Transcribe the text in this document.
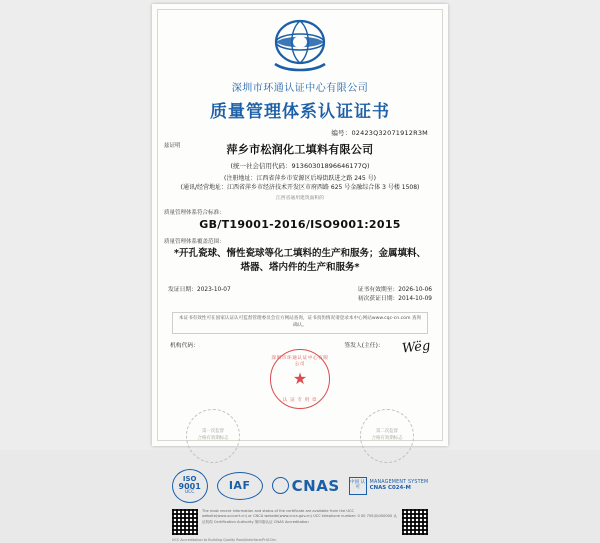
深圳市环通认证中心有限公司
质量管理体系认证证书
编号：02423Q32071912R3M
兹证明	萍乡市松润化工填料有限公司
(统一社会信用代码：91360301896646177Q)
(注册地址：江西省萍乡市安源区后埠街跃进之路 245 号)
(通讯/经营地址：江西省萍乡市经济技术开发区市府西路 625 号金融综合体 3 号楼 1508)
江西省通用建筑面积的
质量管理体系符合标准：
GB/T19001-2016/ISO9001:2015
质量管理体系覆盖范围：
*开孔瓷球、惰性瓷球等化工填料的生产和服务；金属填料、塔器、塔内件的生产和服务*
发证日期：2023-10-07	证书有效期至：2026-10-06
初次获证日期：2014-10-09
本证书有效性可在国家认证认可监督管理委员会官方网站查询，证书真伪情况请登录本中心网站www.cqc-cn.com 查询确认。
机构代码：	签发人(主任)： Wëg
深圳市环通认证中心有限公司
★
认 证 专 用 章
第一次监督
合格有效期标志
第二次监督
合格有效期标志
ISO
9001
UCC
IAF	CNAS 中国 认可
MANAGEMENT SYSTEM
CNAS C024-M
The most recent information and status of the certificate are available from the UCC website(www.ucccert.cn) or CNCA website(www.cnca.gov.cn) UCC telephone number: 0 00 755(0)000000 认证机构 Certification Authority 第四版认证 CNAS Accreditation
UCC Accreditation to Building Quality Road/Interface/Prüf.Chn
